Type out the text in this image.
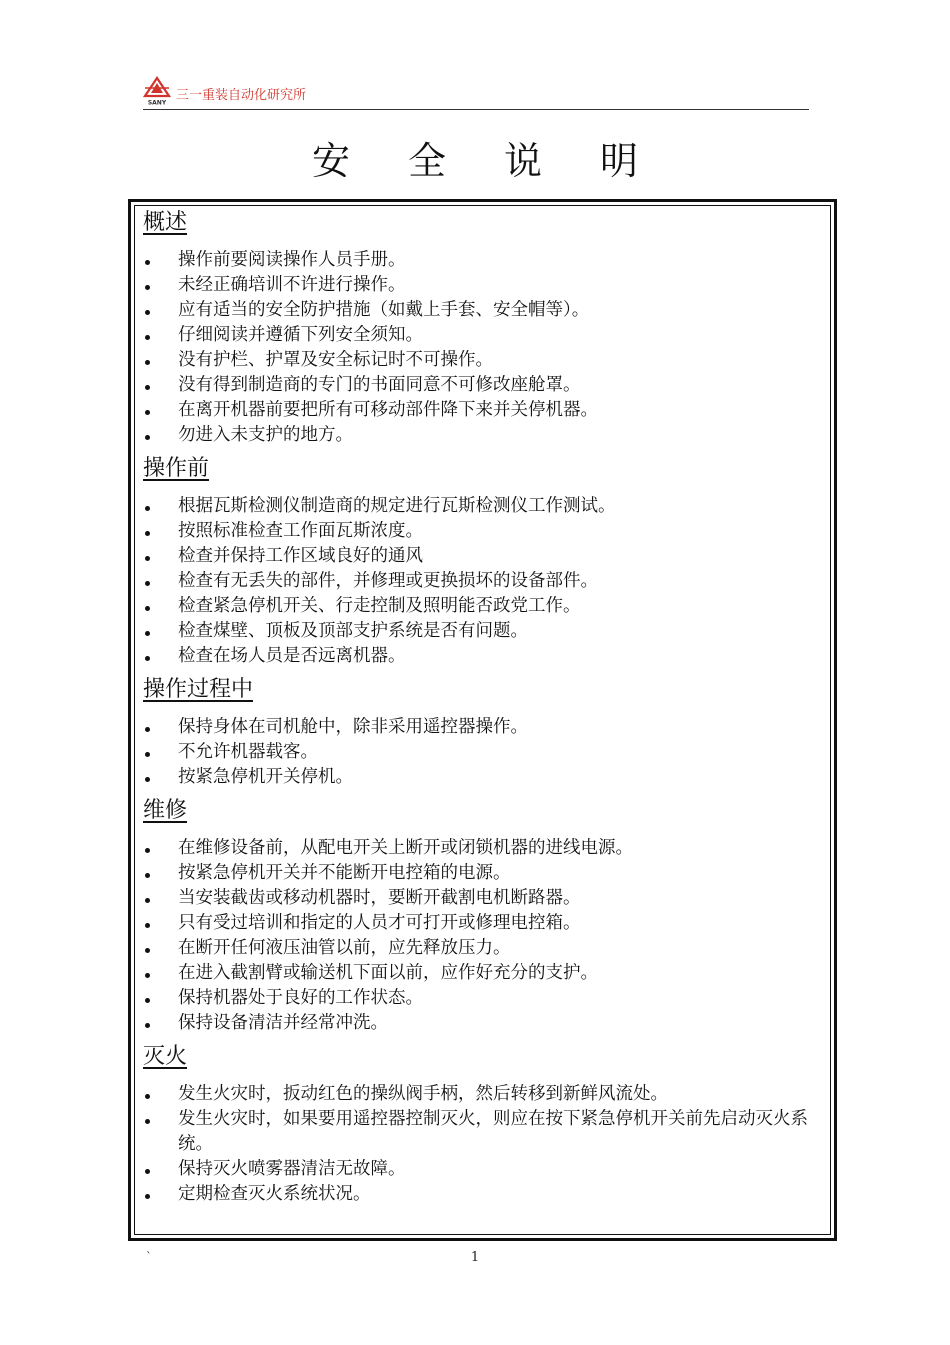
SANY 三一重装自动化研究所
安全说明
概述
操作前要阅读操作人员手册。
未经正确培训不许进行操作。
应有适当的安全防护措施（如戴上手套、安全帽等）。
仔细阅读并遵循下列安全须知。
没有护栏、护罩及安全标记时不可操作。
没有得到制造商的专门的书面同意不可修改座舱罩。
在离开机器前要把所有可移动部件降下来并关停机器。
勿进入未支护的地方。
操作前
根据瓦斯检测仪制造商的规定进行瓦斯检测仪工作测试。
按照标准检查工作面瓦斯浓度。
检查并保持工作区域良好的通风
检查有无丢失的部件，并修理或更换损坏的设备部件。
检查紧急停机开关、行走控制及照明能否政党工作。
检查煤壁、顶板及顶部支护系统是否有问题。
检查在场人员是否远离机器。
操作过程中
保持身体在司机舱中，除非采用遥控器操作。
不允许机器载客。
按紧急停机开关停机。
维修
在维修设备前，从配电开关上断开或闭锁机器的进线电源。
按紧急停机开关并不能断开电控箱的电源。
当安装截齿或移动机器时，要断开截割电机断路器。
只有受过培训和指定的人员才可打开或修理电控箱。
在断开任何液压油管以前，应先释放压力。
在进入截割臂或输送机下面以前，应作好充分的支护。
保持机器处于良好的工作状态。
保持设备清洁并经常冲洗。
灭火
发生火灾时，扳动红色的操纵阀手柄，然后转移到新鲜风流处。
发生火灾时，如果要用遥控器控制灭火，则应在按下紧急停机开关前先启动灭火系统。
保持灭火喷雾器清洁无故障。
定期检查灭火系统状况。
`	1
